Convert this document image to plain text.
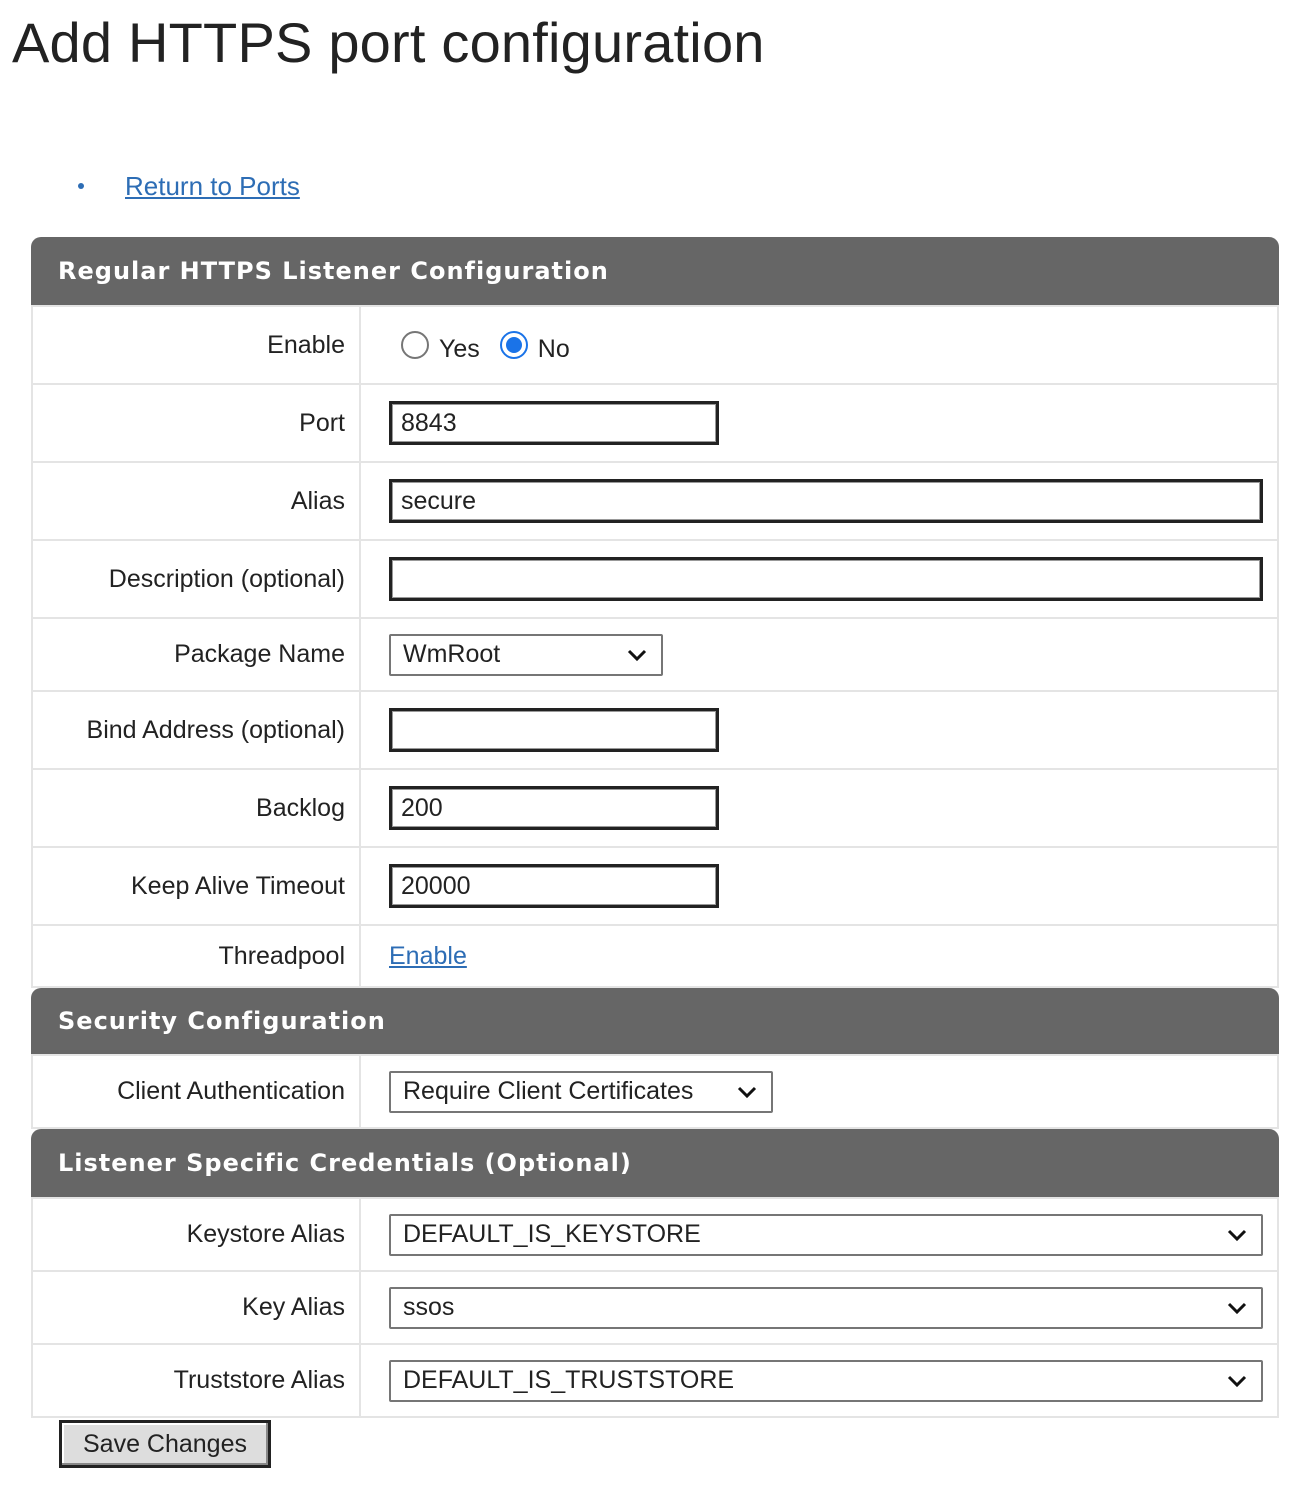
Add HTTPS port configuration
Return to Ports
Regular HTTPS Listener Configuration
Enable	Yes No

Port	8843
Alias	secure
Description (optional)	
Package Name	WmRoot

Bind Address (optional)	
Backlog	200
Keep Alive Timeout	20000
Threadpool	Enable
Security Configuration
Client Authentication	Require Client Certificates
Listener Specific Credentials (Optional)
Keystore Alias	DEFAULT_IS_KEYSTORE

Key Alias	ssos

Truststore Alias	DEFAULT_IS_TRUSTSTORE
Save Changes
